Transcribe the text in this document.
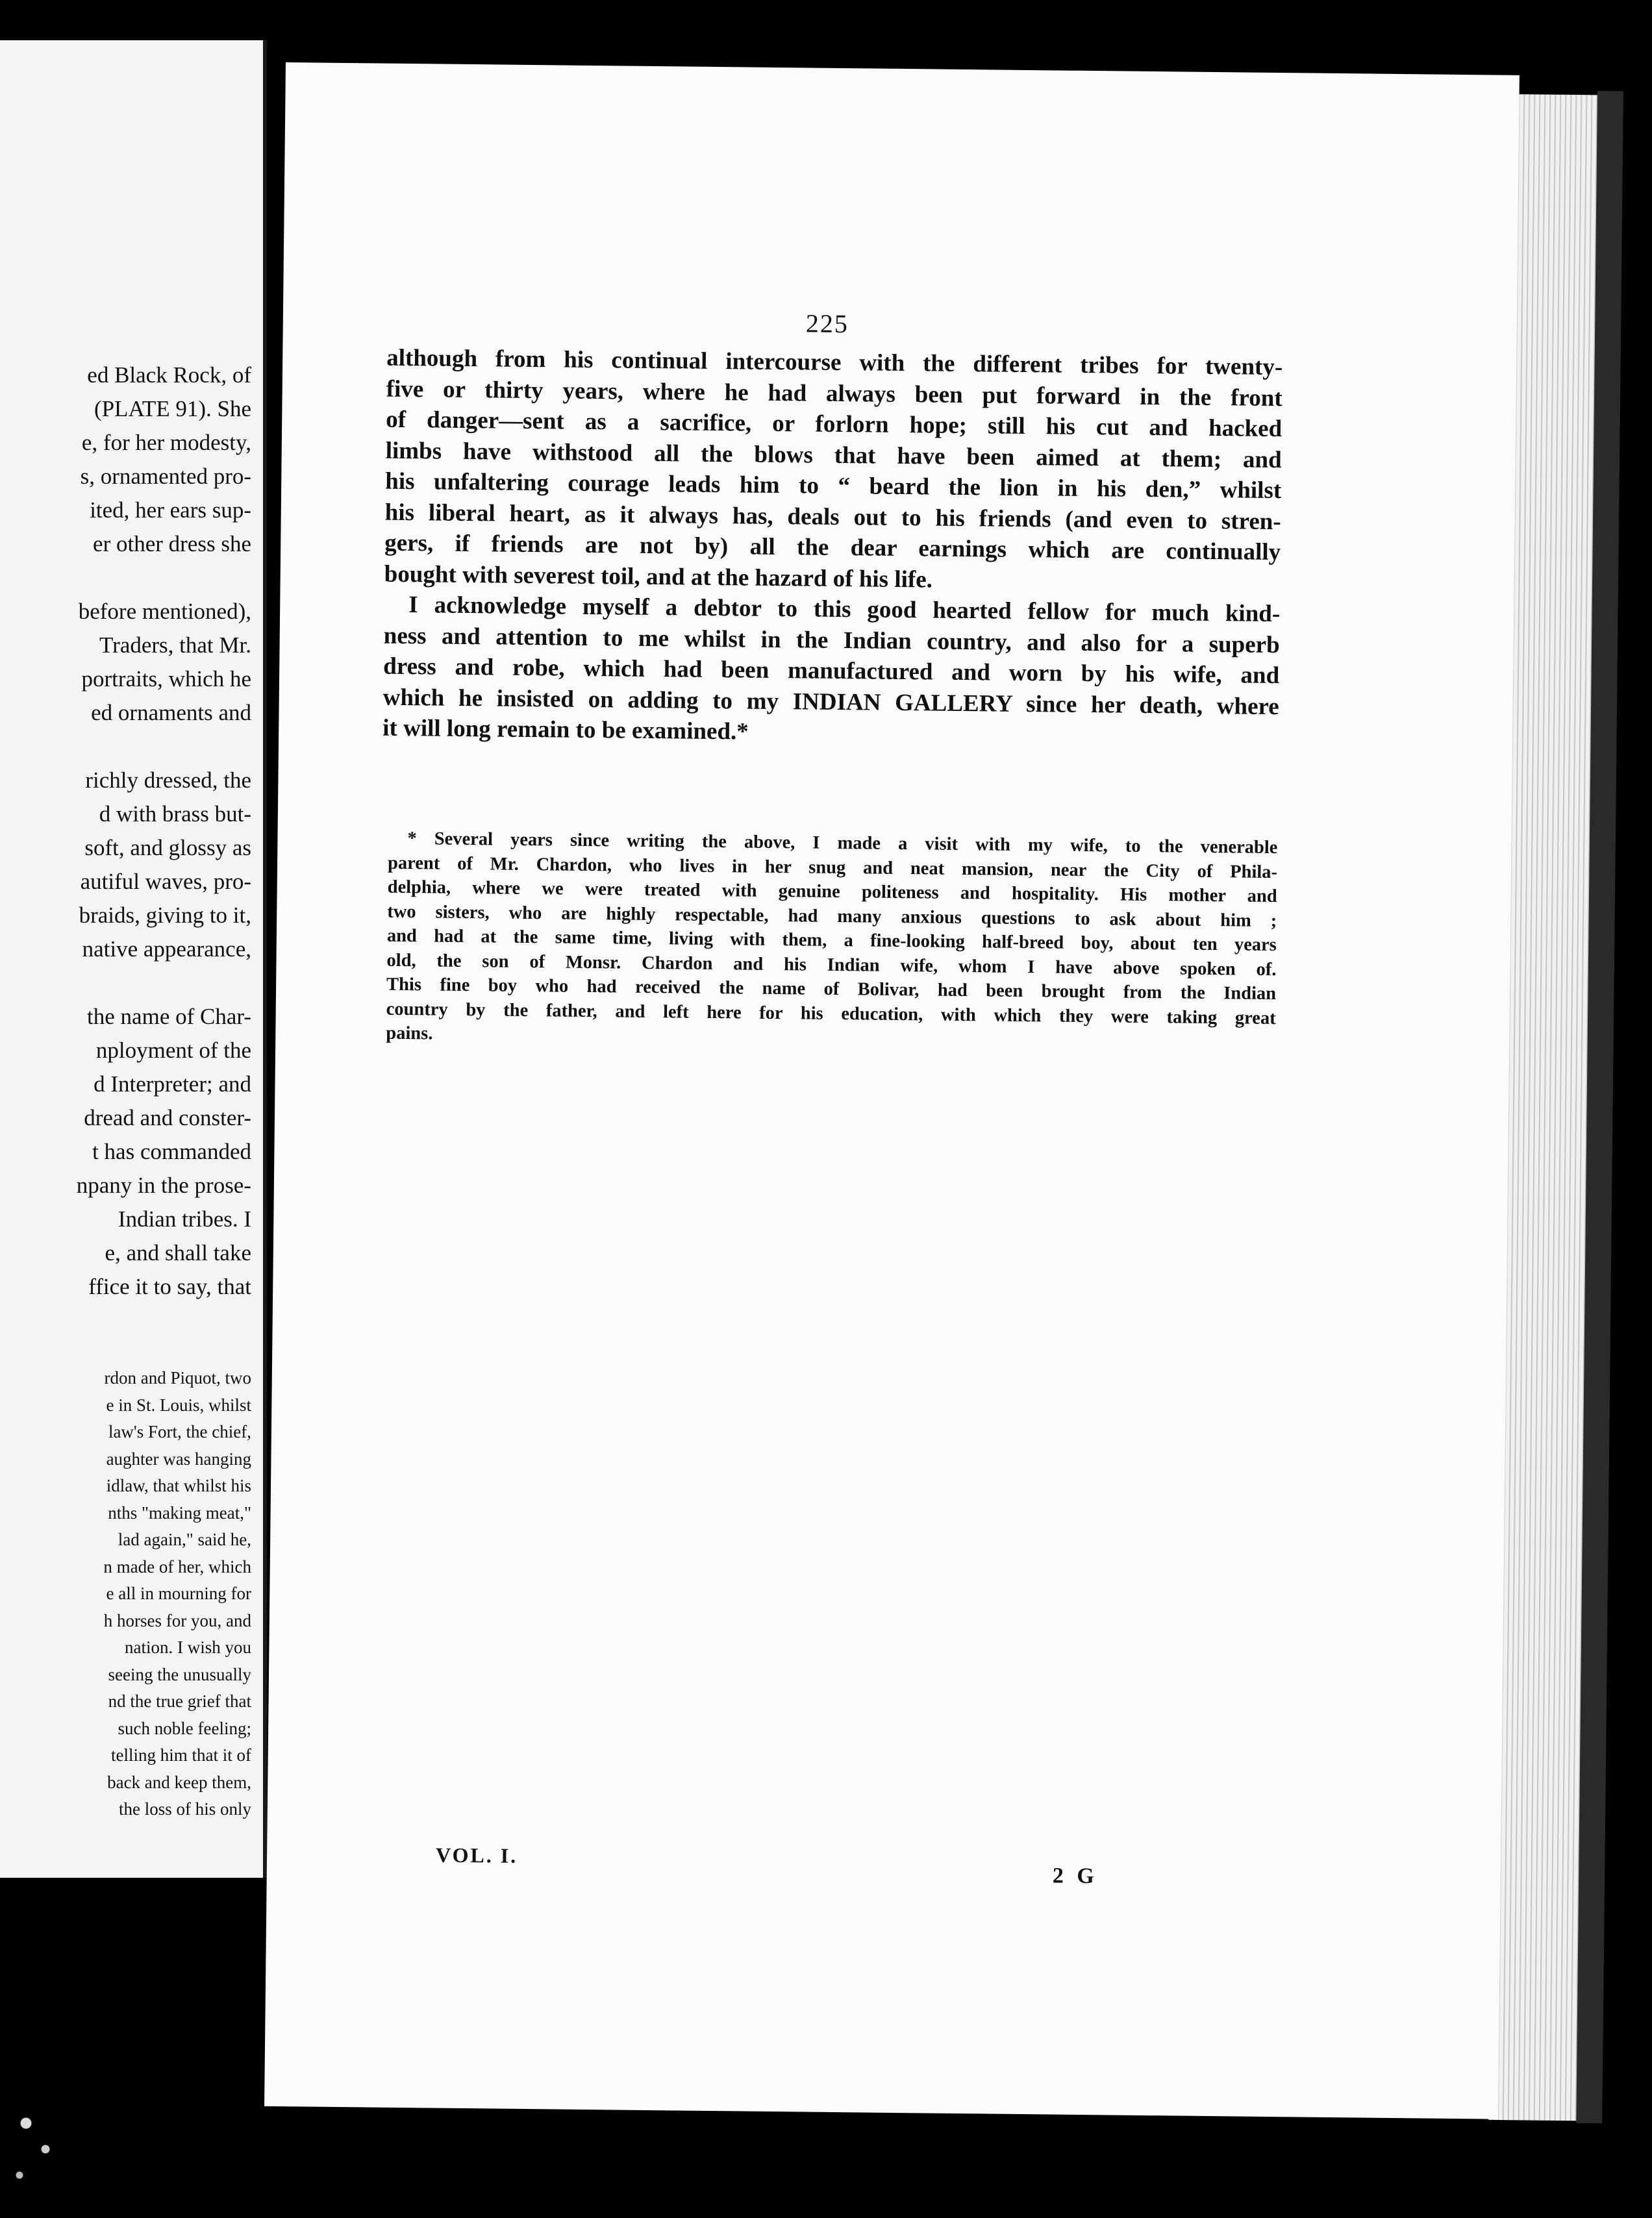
ed Black Rock, of
(PLATE 91). She
e, for her modesty,
s, ornamented pro-
ited, her ears sup-
er other dress she

before mentioned),
Traders, that Mr.
portraits, which he
ed ornaments and

richly dressed, the
d with brass but-
soft, and glossy as
autiful waves, pro-
braids, giving to it,
native appearance,

the name of Char-
nployment of the
d Interpreter; and
dread and conster-
t has commanded
npany in the prose-
Indian tribes. I
e, and shall take
ffice it to say, that
rdon and Piquot, two
e in St. Louis, whilst
law's Fort, the chief,
aughter was hanging
idlaw, that whilst his
nths "making meat,"
lad again," said he,
n made of her, which
e all in mourning for
h horses for you, and
nation. I wish you
seeing the unusually
nd the true grief that
such noble feeling;
telling him that it of
back and keep them,
the loss of his only
225
although from his continual intercourse with the different tribes for twenty-
five or thirty years, where he had always been put forward in the front
of danger—sent as a sacrifice, or forlorn hope; still his cut and hacked
limbs have withstood all the blows that have been aimed at them; and
his unfaltering courage leads him to “ beard the lion in his den,” whilst
his liberal heart, as it always has, deals out to his friends (and even to stren-
gers, if friends are not by) all the dear earnings which are continually
bought with severest toil, and at the hazard of his life.
I acknowledge myself a debtor to this good hearted fellow for much kind-
ness and attention to me whilst in the Indian country, and also for a superb
dress and robe, which had been manufactured and worn by his wife, and
which he insisted on adding to my INDIAN GALLERY since her death, where
it will long remain to be examined.*
* Several years since writing the above, I made a visit with my wife, to the venerable
parent of Mr. Chardon, who lives in her snug and neat mansion, near the City of Phila-
delphia, where we were treated with genuine politeness and hospitality. His mother and
two sisters, who are highly respectable, had many anxious questions to ask about him ;
and had at the same time, living with them, a fine-looking half-breed boy, about ten years
old, the son of Monsr. Chardon and his Indian wife, whom I have above spoken of.
This fine boy who had received the name of Bolivar, had been brought from the Indian
country by the father, and left here for his education, with which they were taking great
pains.
VOL. I.
2 G
